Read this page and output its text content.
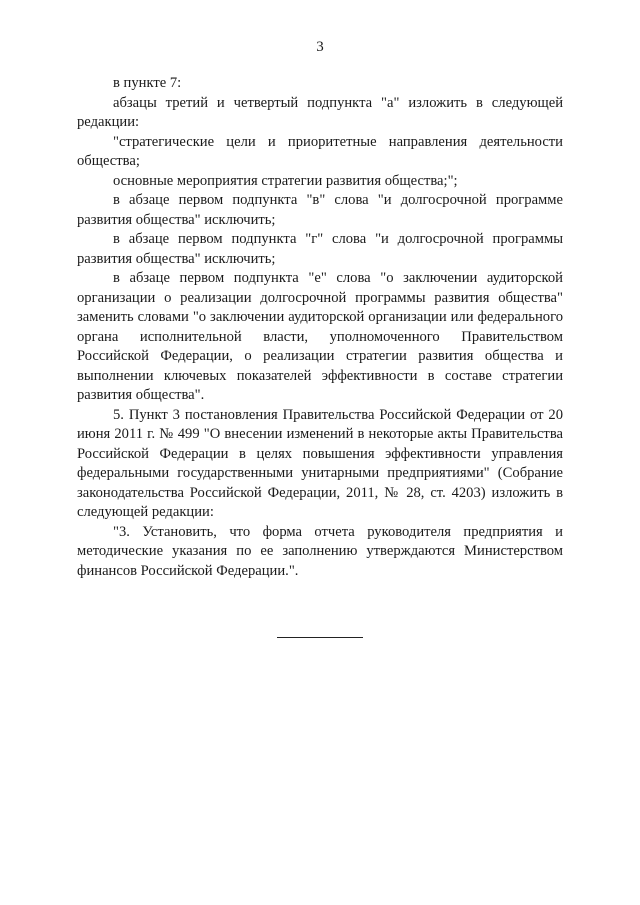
3

в пункте 7:

абзацы третий и четвертый подпункта "а" изложить в следующей редакции:

"стратегические цели и приоритетные направления деятельности общества;

основные мероприятия стратегии развития общества;";

в абзаце первом подпункта "в" слова "и долгосрочной программе развития общества" исключить;

в абзаце первом подпункта "г" слова "и долгосрочной программы развития общества" исключить;

в абзаце первом подпункта "е" слова "о заключении аудиторской организации о реализации долгосрочной программы развития общества" заменить словами "о заключении аудиторской организации или федерального органа исполнительной власти, уполномоченного Правительством Российской Федерации, о реализации стратегии развития общества и выполнении ключевых показателей эффективности в составе стратегии развития общества".

5. Пункт 3 постановления Правительства Российской Федерации от 20 июня 2011 г. № 499 "О внесении изменений в некоторые акты Правительства Российской Федерации в целях повышения эффективности управления федеральными государственными унитарными предприятиями" (Собрание законодательства Российской Федерации, 2011, № 28, ст. 4203) изложить в следующей редакции:

"3. Установить, что форма отчета руководителя предприятия и методические указания по ее заполнению утверждаются Министерством финансов Российской Федерации.".
